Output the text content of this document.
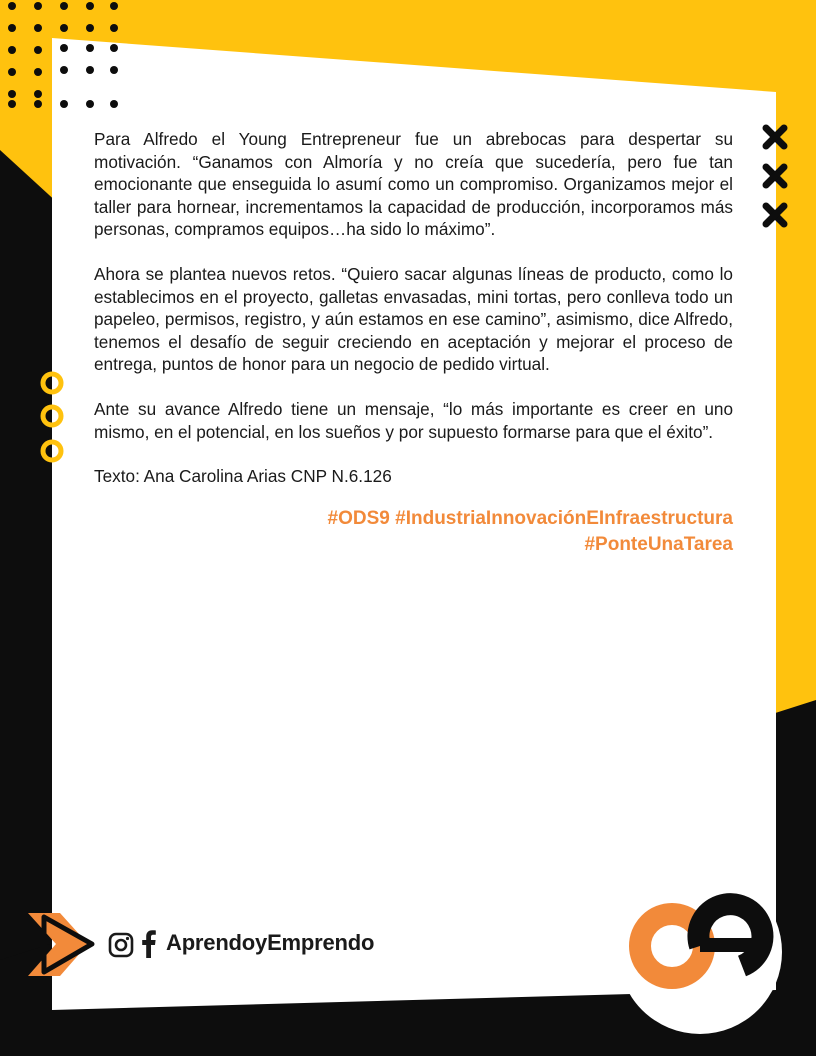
Para Alfredo el Young Entrepreneur fue un abrebocas para despertar su motivación. “Ganamos con Almoría y no creía que sucedería, pero fue tan emocionante que enseguida lo asumí como un compromiso. Organizamos mejor el taller para hornear, incrementamos la capacidad de producción, incorporamos más personas, compramos equipos…ha sido lo máximo”.

Ahora se plantea nuevos retos. “Quiero sacar algunas líneas de producto, como lo establecimos en el proyecto, galletas envasadas, mini tortas, pero conlleva todo un papeleo, permisos, registro, y aún estamos en ese camino”, asimismo, dice Alfredo, tenemos el desafío de seguir creciendo en aceptación y mejorar el proceso de entrega, puntos de honor para un negocio de pedido virtual.

Ante su avance Alfredo tiene un mensaje, “lo más importante es creer en uno mismo, en el potencial, en los sueños y por supuesto formarse para que el éxito”.

Texto: Ana Carolina Arias CNP N.6.126

#ODS9 #IndustriaInnovaciónEInfraestructura
#PonteUnaTarea
AprendoyEmprendo
